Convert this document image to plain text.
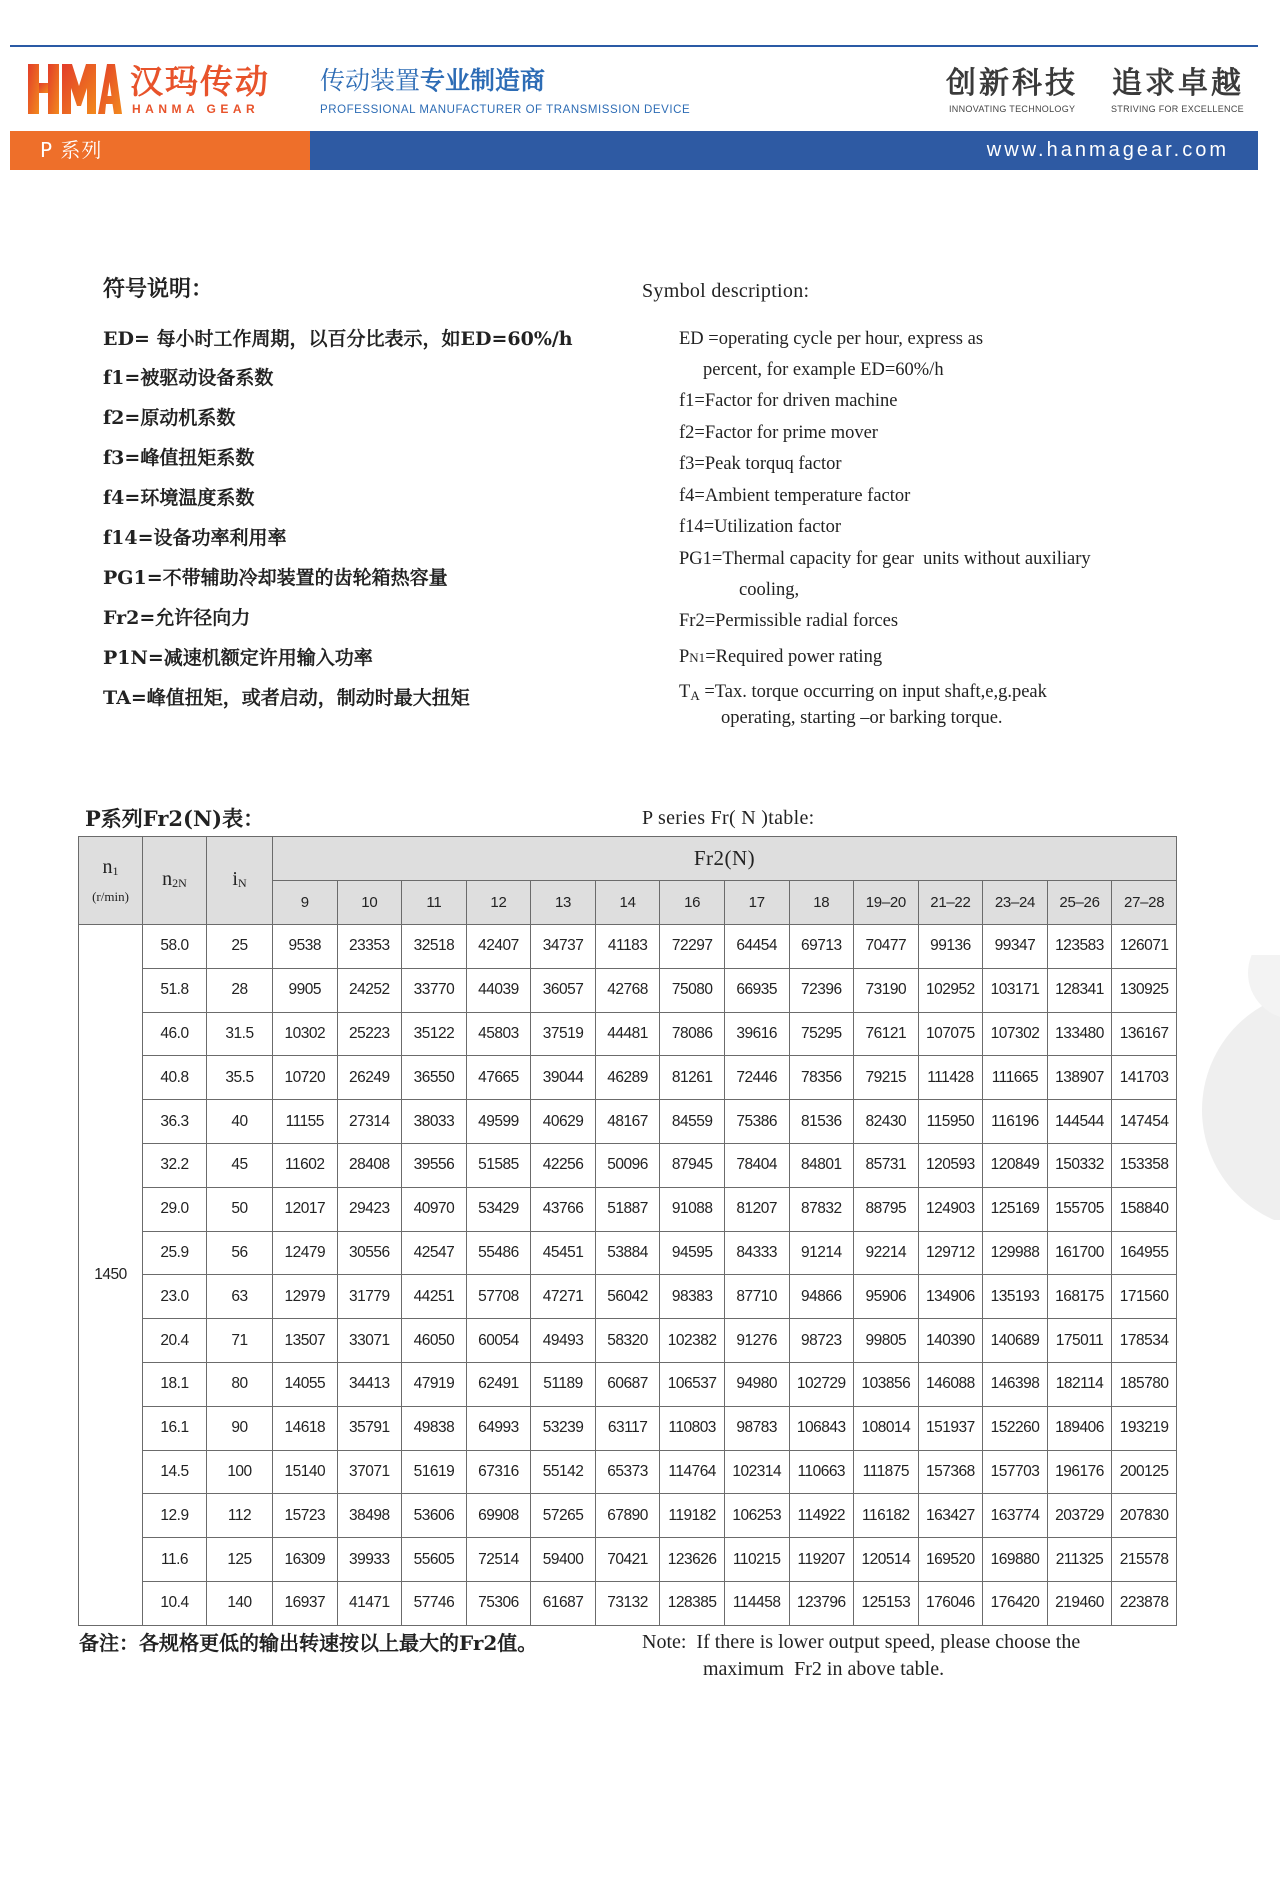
汉玛传动
HANMA GEAR
传动装置专业制造商
PROFESSIONAL MANUFACTURER OF TRANSMISSION DEVICE
创新科技
INNOVATING TECHNOLOGY
追求卓越
STRIVING FOR EXCELLENCE
P 系列	www.hanmagear.com
符号说明：	Symbol description:
ED= 每小时工作周期，以百分比表示，如ED=60%/h
f1=被驱动设备系数
f2=原动机系数
f3=峰值扭矩系数
f4=环境温度系数
f14=设备功率利用率
PG1=不带辅助冷却装置的齿轮箱热容量
Fr2=允许径向力
P1N=减速机额定许用输入功率
TA=峰值扭矩，或者启动，制动时最大扭矩
ED =operating cycle per hour, express as
percent, for example ED=60%/h
f1=Factor for driven machine
f2=Factor for prime mover
f3=Peak torquq factor
f4=Ambient temperature factor
f14=Utilization factor
PG1=Thermal capacity for gear  units without auxiliary
cooling,
Fr2=Permissible radial forces
PN1=Required power rating
$T_A =Tax$. torque occurring on input shaft,e,g.peak
operating, starting –or barking torque.
P系列Fr2(N)表：	P series Fr( N )table:
$n_1$
(r/min)	$n_{2N}$	$i_N$	Fr2(N)													
			9	10	11	12	13	14	16	17	18	19–20	21–22	23–24	25–26	27–28
1450	58.0	25	9538	23353	32518	42407	34737	41183	72297	64454	69713	70477	99136	99347	123583	126071
	51.8	28	9905	24252	33770	44039	36057	42768	75080	66935	72396	73190	102952	103171	128341	130925
	46.0	31.5	10302	25223	35122	45803	37519	44481	78086	39616	75295	76121	107075	107302	133480	136167
	40.8	35.5	10720	26249	36550	47665	39044	46289	81261	72446	78356	79215	111428	111665	138907	141703
	36.3	40	11155	27314	38033	49599	40629	48167	84559	75386	81536	82430	115950	116196	144544	147454
	32.2	45	11602	28408	39556	51585	42256	50096	87945	78404	84801	85731	120593	120849	150332	153358
	29.0	50	12017	29423	40970	53429	43766	51887	91088	81207	87832	88795	124903	125169	155705	158840
	25.9	56	12479	30556	42547	55486	45451	53884	94595	84333	91214	92214	129712	129988	161700	164955
	23.0	63	12979	31779	44251	57708	47271	56042	98383	87710	94866	95906	134906	135193	168175	171560
	20.4	71	13507	33071	46050	60054	49493	58320	102382	91276	98723	99805	140390	140689	175011	178534
	18.1	80	14055	34413	47919	62491	51189	60687	106537	94980	102729	103856	146088	146398	182114	185780
	16.1	90	14618	35791	49838	64993	53239	63117	110803	98783	106843	108014	151937	152260	189406	193219
	14.5	100	15140	37071	51619	67316	55142	65373	114764	102314	110663	111875	157368	157703	196176	200125
	12.9	112	15723	38498	53606	69908	57265	67890	119182	106253	114922	116182	163427	163774	203729	207830
	11.6	125	16309	39933	55605	72514	59400	70421	123626	110215	119207	120514	169520	169880	211325	215578
	10.4	140	16937	41471	57746	75306	61687	73132	128385	114458	123796	125153	176046	176420	219460	223878
备注：各规格更低的输出转速按以上最大的Fr2值。	Note:  If there is lower output speed, please choose the
maximum  Fr2 in above table.
